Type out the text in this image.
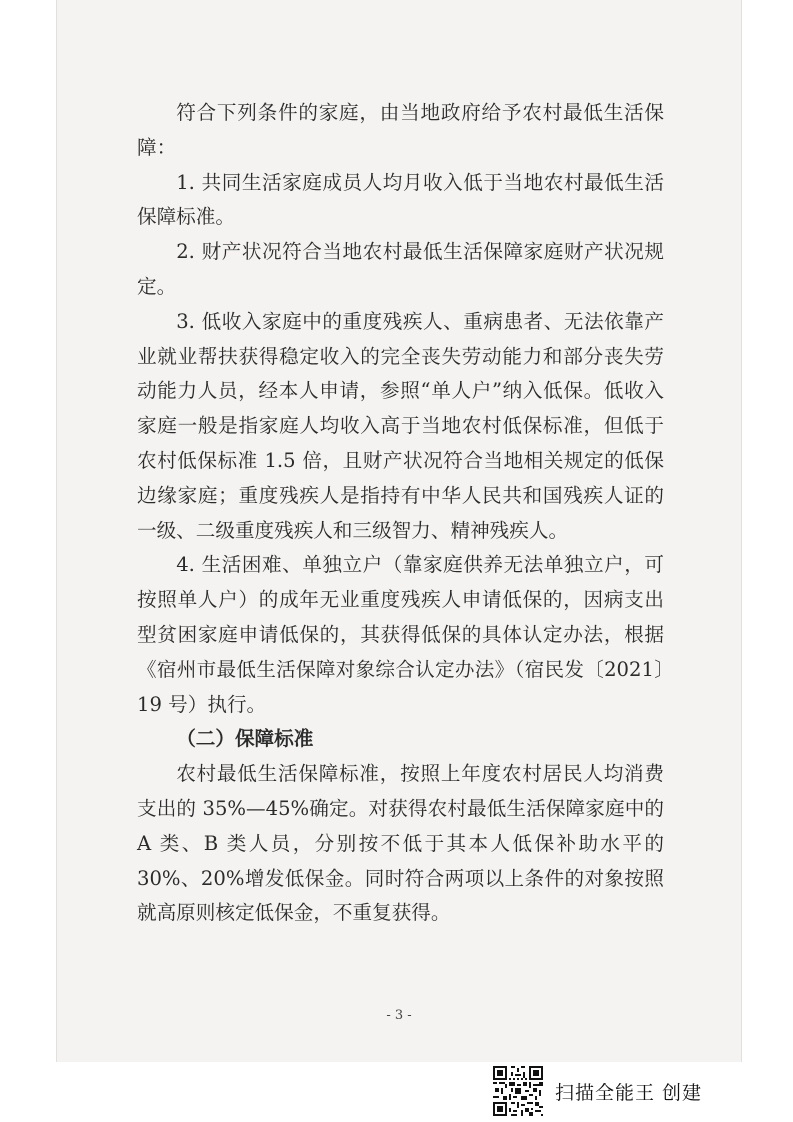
符合下列条件的家庭，由当地政府给予农村最低生活保障：

1. 共同生活家庭成员人均月收入低于当地农村最低生活保障标准。

2. 财产状况符合当地农村最低生活保障家庭财产状况规定。

3. 低收入家庭中的重度残疾人、重病患者、无法依靠产业就业帮扶获得稳定收入的完全丧失劳动能力和部分丧失劳动能力人员，经本人申请，参照“单人户”纳入低保。低收入家庭一般是指家庭人均收入高于当地农村低保标准，但低于农村低保标准 1.5 倍，且财产状况符合当地相关规定的低保边缘家庭；重度残疾人是指持有中华人民共和国残疾人证的一级、二级重度残疾人和三级智力、精神残疾人。

4. 生活困难、单独立户（靠家庭供养无法单独立户，可按照单人户）的成年无业重度残疾人申请低保的，因病支出型贫困家庭申请低保的，其获得低保的具体认定办法，根据《宿州市最低生活保障对象综合认定办法》（宿民发〔2021〕19 号）执行。

（二）保障标准

农村最低生活保障标准，按照上年度农村居民人均消费支出的 35%—45%确定。对获得农村最低生活保障家庭中的 A 类、B 类人员，分别按不低于其本人低保补助水平的 30%、20%增发低保金。同时符合两项以上条件的对象按照就高原则核定低保金，不重复获得。

- 3 -
扫描全能王 创建
